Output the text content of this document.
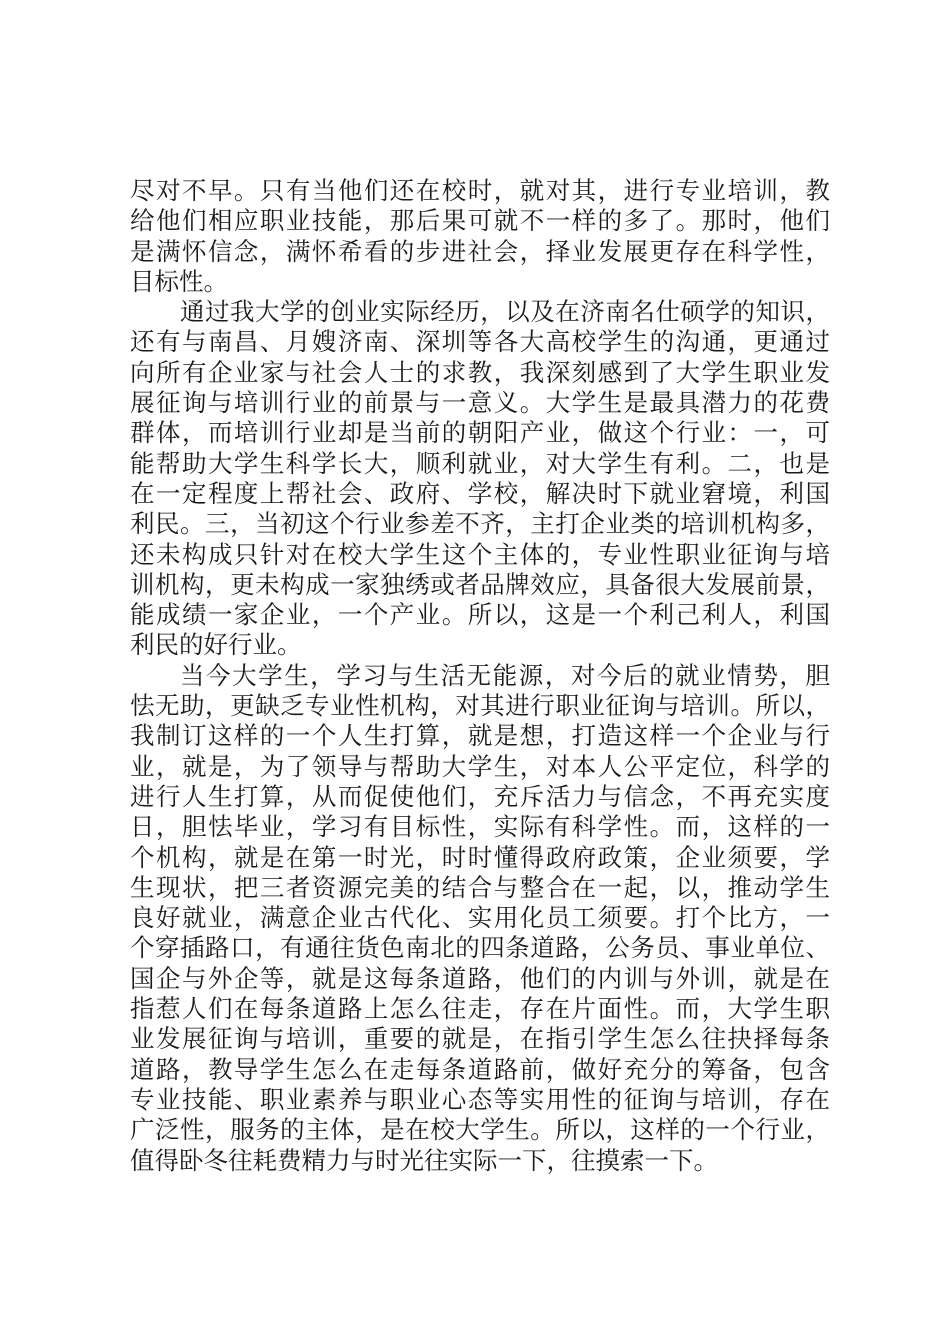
尽对不早。只有当他们还在校时，就对其，进行专业培训，教
给他们相应职业技能，那后果可就不一样的多了。那时，他们
是满怀信念，满怀希看的步进社会，择业发展更存在科学性，
目标性。
通过我大学的创业实际经历，以及在济南名仕硕学的知识，
还有与南昌、月嫂济南、深圳等各大高校学生的沟通，更通过
向所有企业家与社会人士的求教，我深刻感到了大学生职业发
展征询与培训行业的前景与一意义。大学生是最具潜力的花费
群体，而培训行业却是当前的朝阳产业，做这个行业：一，可
能帮助大学生科学长大，顺利就业，对大学生有利。二，也是
在一定程度上帮社会、政府、学校，解决时下就业窘境，利国
利民。三，当初这个行业参差不齐，主打企业类的培训机构多，
还未构成只针对在校大学生这个主体的，专业性职业征询与培
训机构，更未构成一家独绣或者品牌效应，具备很大发展前景，
能成绩一家企业，一个产业。所以，这是一个利己利人，利国
利民的好行业。
当今大学生，学习与生活无能源，对今后的就业情势，胆
怯无助，更缺乏专业性机构，对其进行职业征询与培训。所以，
我制订这样的一个人生打算，就是想，打造这样一个企业与行
业，就是，为了领导与帮助大学生，对本人公平定位，科学的
进行人生打算，从而促使他们，充斥活力与信念，不再充实度
日，胆怯毕业，学习有目标性，实际有科学性。而，这样的一
个机构，就是在第一时光，时时懂得政府政策，企业须要，学
生现状，把三者资源完美的结合与整合在一起，以，推动学生
良好就业，满意企业古代化、实用化员工须要。打个比方，一
个穿插路口，有通往货色南北的四条道路，公务员、事业单位、
国企与外企等，就是这每条道路，他们的内训与外训，就是在
指惹人们在每条道路上怎么往走，存在片面性。而，大学生职
业发展征询与培训，重要的就是，在指引学生怎么往抉择每条
道路，教导学生怎么在走每条道路前，做好充分的筹备，包含
专业技能、职业素养与职业心态等实用性的征询与培训，存在
广泛性，服务的主体，是在校大学生。所以，这样的一个行业，
值得卧冬往耗费精力与时光往实际一下，往摸索一下。
